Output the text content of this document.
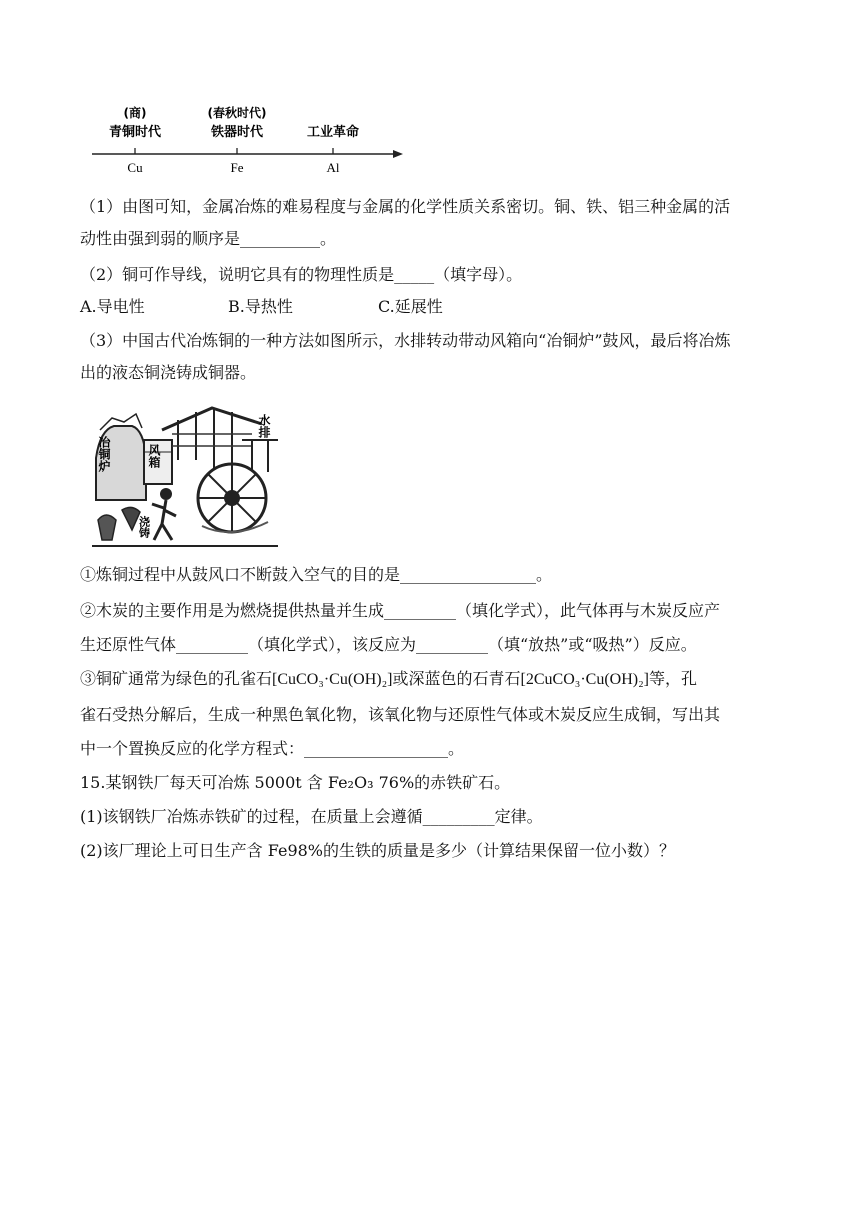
(商)
青铜时代
(春秋时代)
铁器时代	工业革命
Cu	Fe	Al
（1）由图可知，金属冶炼的难易程度与金属的化学性质关系密切。铜、铁、铝三种金属的活
动性由强到弱的顺序是__________。
（2）铜可作导线，说明它具有的物理性质是_____（填字母）。
A.导电性	B.导热性	C.延展性
（3）中国古代冶炼铜的一种方法如图所示，水排转动带动风箱向“冶铜炉”鼓风，最后将冶炼
出的液态铜浇铸成铜器。
水排
冶铜炉	风箱
浇铸
①炼铜过程中从鼓风口不断鼓入空气的目的是_________________。
②木炭的主要作用是为燃烧提供热量并生成_________（填化学式），此气体再与木炭反应产
生还原性气体_________（填化学式），该反应为_________（填“放热”或“吸热”）反应。
③铜矿通常为绿色的孔雀石[CuCO₃·Cu(OH)₂]或深蓝色的石青石[2CuCO₃·Cu(OH)₂]等，孔
雀石受热分解后，生成一种黑色氧化物，该氧化物与还原性气体或木炭反应生成铜，写出其
中一个置换反应的化学方程式：__________________。
15.某钢铁厂每天可冶炼 5000t 含 Fe₂O₃ 76%的赤铁矿石。
(1)该钢铁厂冶炼赤铁矿的过程，在质量上会遵循_________定律。
(2)该厂理论上可日生产含 Fe98%的生铁的质量是多少（计算结果保留一位小数）？
